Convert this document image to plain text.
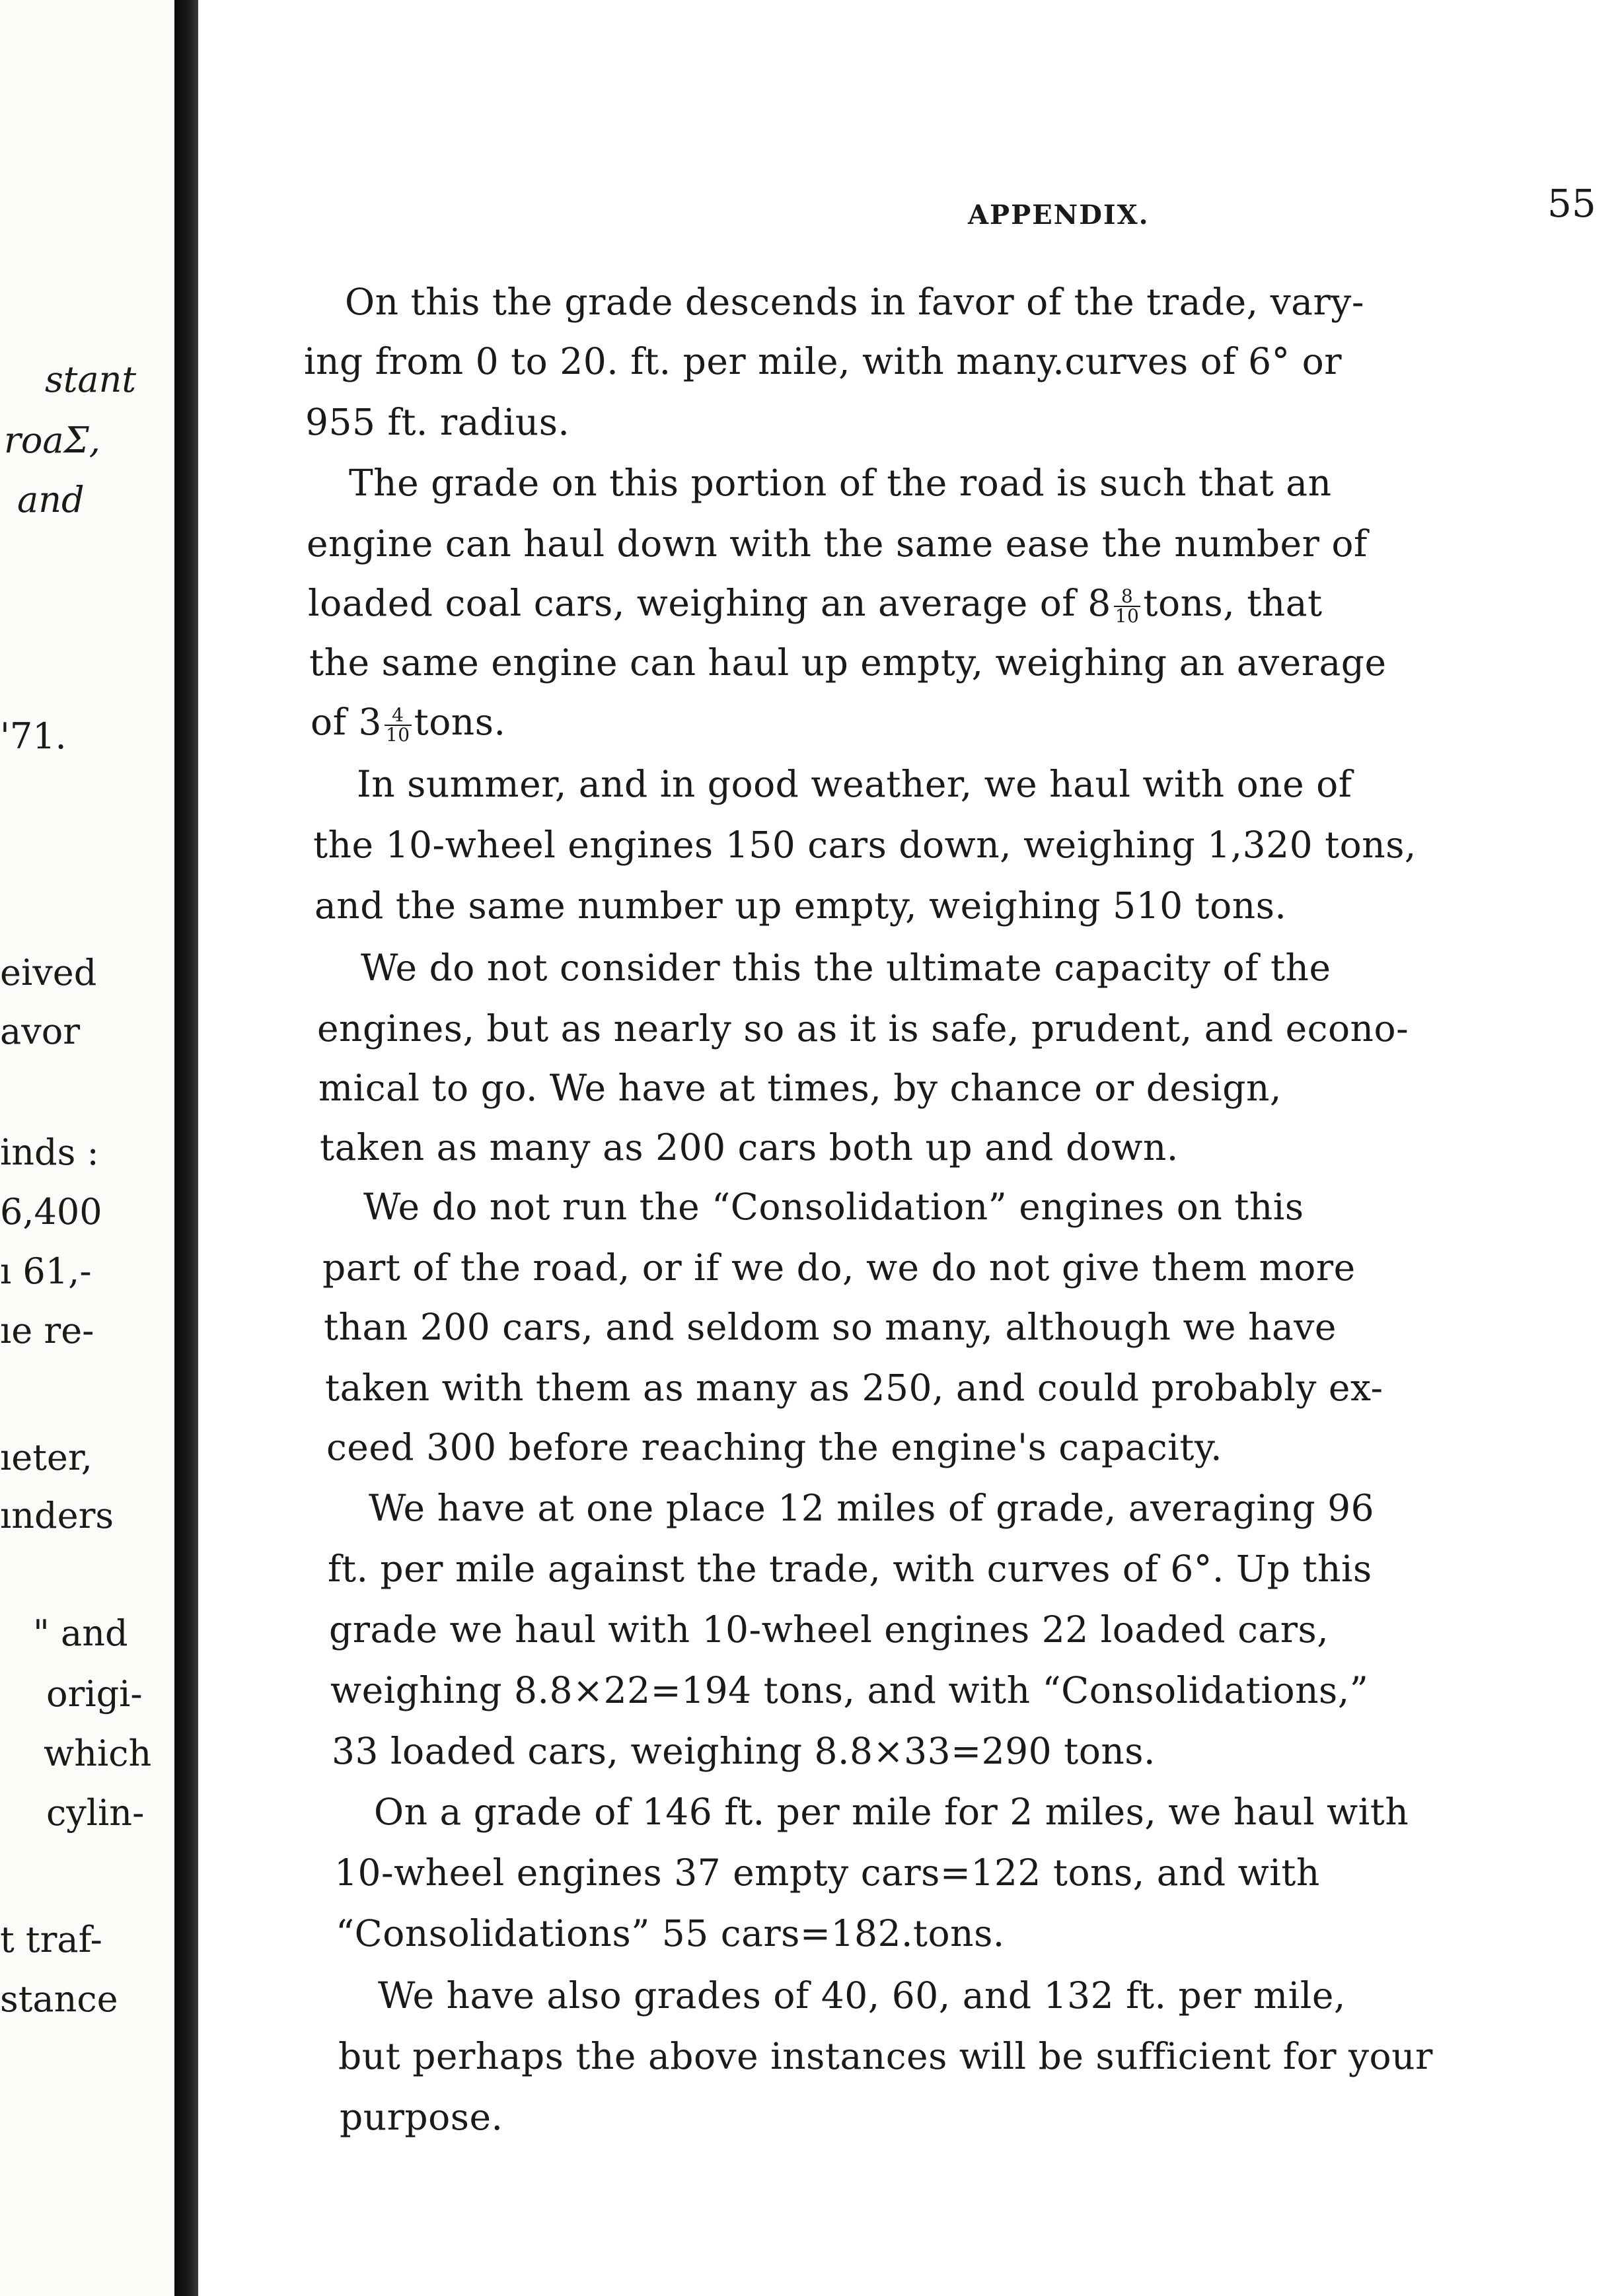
stant
roaΣ,
and
'71.
eived
avor
inds :
6,400
ı 61,-
ıe re-
ıeter,
ınders
" and
origi-
which
cylin-
t traf-
stance
APPENDIX.	55
On this the grade descends in favor of the trade, vary-
ing from 0 to 20. ft. per mile, with many.curves of 6° or
955 ft. radius.
The grade on this portion of the road is such that an
engine can haul down with the same ease the number of
loaded coal cars, weighing an average of $8 \frac{8}{10}$ tons, that
the same engine can haul up empty, weighing an average
of $3 \frac{4}{10}$ tons.
In summer, and in good weather, we haul with one of
the 10-wheel engines 150 cars down, weighing 1,320 tons,
and the same number up empty, weighing 510 tons.
We do not consider this the ultimate capacity of the
engines, but as nearly so as it is safe, prudent, and econo-
mical to go. We have at times, by chance or design,
taken as many as 200 cars both up and down.
We do not run the “Consolidation” engines on this
part of the road, or if we do, we do not give them more
than 200 cars, and seldom so many, although we have
taken with them as many as 250, and could probably ex-
ceed 300 before reaching the engine's capacity.
We have at one place 12 miles of grade, averaging 96
ft. per mile against the trade, with curves of 6°. Up this
grade we haul with 10-wheel engines 22 loaded cars,
weighing 8.8×22=194 tons, and with “Consolidations,”
33 loaded cars, weighing 8.8×33=290 tons.
On a grade of 146 ft. per mile for 2 miles, we haul with
10-wheel engines 37 empty cars=122 tons, and with
“Consolidations” 55 cars=182.tons.
We have also grades of 40, 60, and 132 ft. per mile,
but perhaps the above instances will be sufficient for your
purpose.
